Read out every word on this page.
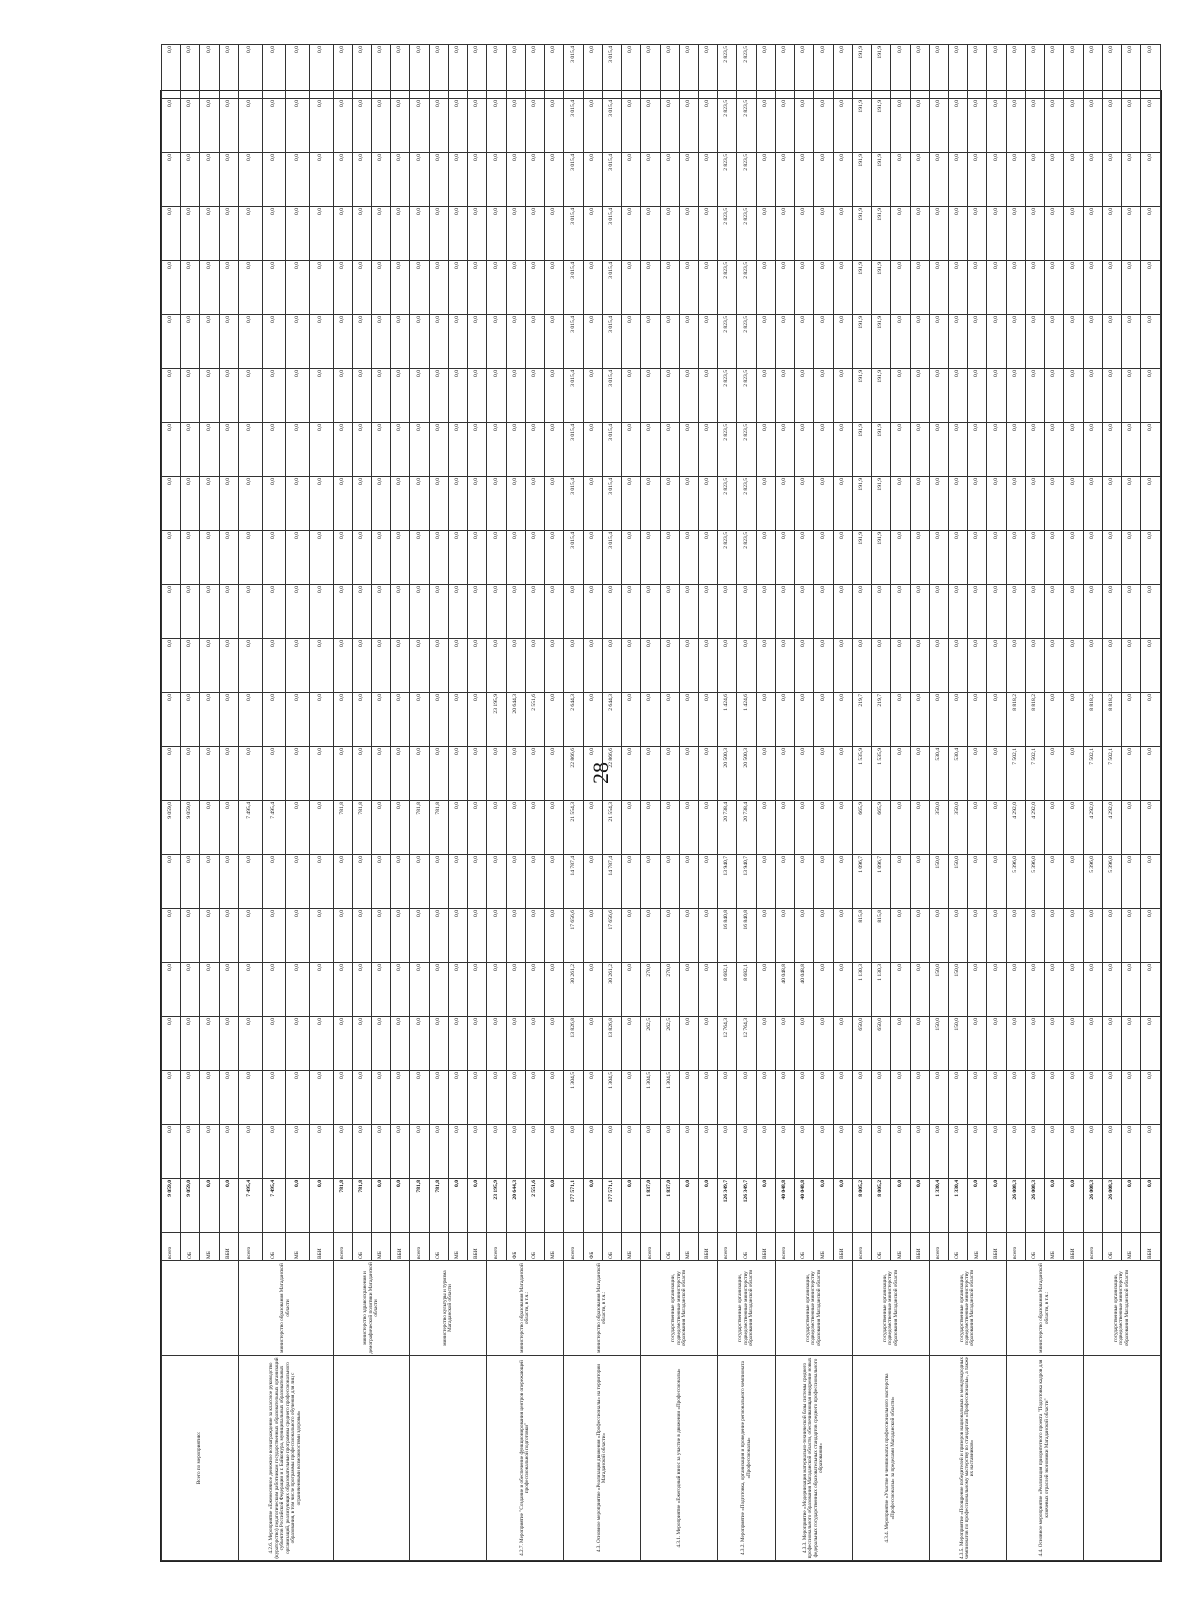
28
Всего по мероприятию:		всего	9 059,0	0,0	0,0	0,0	0,0	0,0	0,0	9 059,0	0,0	0,0	0,0	0,0	0,0	0,0	0,0	0,0	0,0	0,0	0,0	0,0	0,0	0,0
		ОБ	9 059,0	0,0	0,0	0,0	0,0	0,0	0,0	9 059,0	0,0	0,0	0,0	0,0	0,0	0,0	0,0	0,0	0,0	0,0	0,0	0,0	0,0	0,0
		МБ	0,0	0,0	0,0	0,0	0,0	0,0	0,0	0,0	0,0	0,0	0,0	0,0	0,0	0,0	0,0	0,0	0,0	0,0	0,0	0,0	0,0	0,0
		ВБИ	0,0	0,0	0,0	0,0	0,0	0,0	0,0	0,0	0,0	0,0	0,0	0,0	0,0	0,0	0,0	0,0	0,0	0,0	0,0	0,0	0,0	0,0
4.2.6. Мероприятие «Ежемесячное денежное вознаграждение за классное руководство (кураторство) педагогическим работникам государственных образовательных организаций субъектов Российской Федерации и г. Байконура, муниципальных образовательных организаций, реализующих образовательные программы среднего профессионального образования, в том числе программы профессионального обучения для лиц с ограниченными возможностями здоровья»	министерство образования Магаданской области	всего	7 495,4	0,0	0,0	0,0	0,0	0,0	0,0	7 495,4	0,0	0,0	0,0	0,0	0,0	0,0	0,0	0,0	0,0	0,0	0,0	0,0	0,0	0,0
		ОБ	7 495,4	0,0	0,0	0,0	0,0	0,0	0,0	7 495,4	0,0	0,0	0,0	0,0	0,0	0,0	0,0	0,0	0,0	0,0	0,0	0,0	0,0	0,0
		МБ	0,0	0,0	0,0	0,0	0,0	0,0	0,0	0,0	0,0	0,0	0,0	0,0	0,0	0,0	0,0	0,0	0,0	0,0	0,0	0,0	0,0	0,0
		ВБИ	0,0	0,0	0,0	0,0	0,0	0,0	0,0	0,0	0,0	0,0	0,0	0,0	0,0	0,0	0,0	0,0	0,0	0,0	0,0	0,0	0,0	0,0
	министерство здравоохранения и демографической политики Магаданской области	всего	781,8	0,0	0,0	0,0	0,0	0,0	0,0	781,8	0,0	0,0	0,0	0,0	0,0	0,0	0,0	0,0	0,0	0,0	0,0	0,0	0,0	0,0
		ОБ	781,8	0,0	0,0	0,0	0,0	0,0	0,0	781,8	0,0	0,0	0,0	0,0	0,0	0,0	0,0	0,0	0,0	0,0	0,0	0,0	0,0	0,0
		МБ	0,0	0,0	0,0	0,0	0,0	0,0	0,0	0,0	0,0	0,0	0,0	0,0	0,0	0,0	0,0	0,0	0,0	0,0	0,0	0,0	0,0	0,0
		ВБИ	0,0	0,0	0,0	0,0	0,0	0,0	0,0	0,0	0,0	0,0	0,0	0,0	0,0	0,0	0,0	0,0	0,0	0,0	0,0	0,0	0,0	0,0
	министерство культуры и туризма Магаданской области	всего	781,8	0,0	0,0	0,0	0,0	0,0	0,0	781,8	0,0	0,0	0,0	0,0	0,0	0,0	0,0	0,0	0,0	0,0	0,0	0,0	0,0	0,0
		ОБ	781,8	0,0	0,0	0,0	0,0	0,0	0,0	781,8	0,0	0,0	0,0	0,0	0,0	0,0	0,0	0,0	0,0	0,0	0,0	0,0	0,0	0,0
		МБ	0,0	0,0	0,0	0,0	0,0	0,0	0,0	0,0	0,0	0,0	0,0	0,0	0,0	0,0	0,0	0,0	0,0	0,0	0,0	0,0	0,0	0,0
		ВБИ	0,0	0,0	0,0	0,0	0,0	0,0	0,0	0,0	0,0	0,0	0,0	0,0	0,0	0,0	0,0	0,0	0,0	0,0	0,0	0,0	0,0	0,0
4.2.7. Мероприятие "Создание и обеспечение функционирования центров опережающей профессиональной подготовки"	министерство образования Магаданской области, в т.ч.:	всего	23 195,9	0,0	0,0	0,0	0,0	0,0	0,0	0,0	0,0	23 195,9	0,0	0,0	0,0	0,0	0,0	0,0	0,0	0,0	0,0	0,0	0,0	0,0
		ФБ	20 644,3	0,0	0,0	0,0	0,0	0,0	0,0	0,0	0,0	20 644,3	0,0	0,0	0,0	0,0	0,0	0,0	0,0	0,0	0,0	0,0	0,0	0,0
		ОБ	2 551,6	0,0	0,0	0,0	0,0	0,0	0,0	0,0	0,0	2 551,6	0,0	0,0	0,0	0,0	0,0	0,0	0,0	0,0	0,0	0,0	0,0	0,0
		МБ	0,0	0,0	0,0	0,0	0,0	0,0	0,0	0,0	0,0	0,0	0,0	0,0	0,0	0,0	0,0	0,0	0,0	0,0	0,0	0,0	0,0	0,0
4.3. Основное мероприятие «Реализация движения «Профессионалы» на территории Магаданской области»	министерство образования Магаданской области, в т.ч.:	всего	177 571,1	0,0	1 304,5	13 826,8	30 261,2	17 656,6	14 787,4	21 554,3	22 866,6	2 644,3	0,0	0,0	3 015,4	3 015,4	3 015,4	3 015,4	3 015,4	3 015,4	3 015,4	3 015,4	3 015,4	3 015,4
		ФБ	0,0	0,0	0,0	0,0	0,0	0,0	0,0	0,0	0,0	0,0	0,0	0,0	0,0	0,0	0,0	0,0	0,0	0,0	0,0	0,0	0,0	0,0
		ОБ	177 571,1	0,0	1 304,5	13 826,8	30 261,2	17 656,6	14 787,4	21 554,3	22 866,6	2 644,3	0,0	0,0	3 015,4	3 015,4	3 015,4	3 015,4	3 015,4	3 015,4	3 015,4	3 015,4	3 015,4	3 015,4
		МБ	0,0	0,0	0,0	0,0	0,0	0,0	0,0	0,0	0,0	0,0	0,0	0,0	0,0	0,0	0,0	0,0	0,0	0,0	0,0	0,0	0,0	0,0
4.3.1. Мероприятие «Ежегодный взнос за участие в движении «Профессионалы»	государственные организации, подведомственные министерству образования Магаданской области	всего	1 837,0	0,0	1 304,5	262,5	270,0	0,0	0,0	0,0	0,0	0,0	0,0	0,0	0,0	0,0	0,0	0,0	0,0	0,0	0,0	0,0	0,0	0,0
		ОБ	1 837,0	0,0	1 304,5	262,5	270,0	0,0	0,0	0,0	0,0	0,0	0,0	0,0	0,0	0,0	0,0	0,0	0,0	0,0	0,0	0,0	0,0	0,0
		МБ	0,0	0,0	0,0	0,0	0,0	0,0	0,0	0,0	0,0	0,0	0,0	0,0	0,0	0,0	0,0	0,0	0,0	0,0	0,0	0,0	0,0	0,0
		ВБИ	0,0	0,0	0,0	0,0	0,0	0,0	0,0	0,0	0,0	0,0	0,0	0,0	0,0	0,0	0,0	0,0	0,0	0,0	0,0	0,0	0,0	0,0
4.3.2. Мероприятие «Подготовка, организация и проведение регионального чемпионата «Профессионалы»	государственные организации, подведомственные министерству образования Магаданской области	всего	126 349,7	0,0	0,0	12 764,3	8 682,1	16 840,8	13 940,7	20 738,4	20 500,3	1 424,6	0,0	0,0	2 823,5	2 823,5	2 823,5	2 823,5	2 823,5	2 823,5	2 823,5	2 823,5	2 823,5	2 823,5
		ОБ	126 349,7	0,0	0,0	12 764,3	8 682,1	16 840,8	13 940,7	20 738,4	20 500,3	1 424,6	0,0	0,0	2 823,5	2 823,5	2 823,5	2 823,5	2 823,5	2 823,5	2 823,5	2 823,5	2 823,5	2 823,5
		ВБИ	0,0	0,0	0,0	0,0	0,0	0,0	0,0	0,0	0,0	0,0	0,0	0,0	0,0	0,0	0,0	0,0	0,0	0,0	0,0	0,0	0,0	0,0
4.3.3. Мероприятие «Модернизация материально-технической базы системы среднего профессионального образования Магаданской области, обеспечивающая внедрение новых федеральных государственных образовательных стандартов среднего профессионального образования»	государственные организации, подведомственные министерству образования Магаданской области	всего	40 048,8	0,0	0,0	0,0	40 048,8	0,0	0,0	0,0	0,0	0,0	0,0	0,0	0,0	0,0	0,0	0,0	0,0	0,0	0,0	0,0	0,0	0,0
		ОБ	40 048,8	0,0	0,0	0,0	40 048,8	0,0	0,0	0,0	0,0	0,0	0,0	0,0	0,0	0,0	0,0	0,0	0,0	0,0	0,0	0,0	0,0	0,0
		МБ	0,0	0,0	0,0	0,0	0,0	0,0	0,0	0,0	0,0	0,0	0,0	0,0	0,0	0,0	0,0	0,0	0,0	0,0	0,0	0,0	0,0	0,0
		ВБИ	0,0	0,0	0,0	0,0	0,0	0,0	0,0	0,0	0,0	0,0	0,0	0,0	0,0	0,0	0,0	0,0	0,0	0,0	0,0	0,0	0,0	0,0
4.3.4. Мероприятие «Участие в чемпионатах профессионального мастерства «Профессионалы» за пределами Магаданской области»	государственные организации, подведомственные министерству образования Магаданской области	всего	8 005,2	0,0	0,0	650,0	1 130,3	815,8	1 096,7	665,9	1 535,9	219,7	0,0	0,0	191,9	191,9	191,9	191,9	191,9	191,9	191,9	191,9	191,9	191,9
		ОБ	8 005,2	0,0	0,0	650,0	1 130,3	815,8	1 096,7	665,9	1 535,9	219,7	0,0	0,0	191,9	191,9	191,9	191,9	191,9	191,9	191,9	191,9	191,9	191,9
		МБ	0,0	0,0	0,0	0,0	0,0	0,0	0,0	0,0	0,0	0,0	0,0	0,0	0,0	0,0	0,0	0,0	0,0	0,0	0,0	0,0	0,0	0,0
		ВБИ	0,0	0,0	0,0	0,0	0,0	0,0	0,0	0,0	0,0	0,0	0,0	0,0	0,0	0,0	0,0	0,0	0,0	0,0	0,0	0,0	0,0	0,0
4.3.5. Мероприятие «Поощрение победителей и призеров национальных и международных чемпионатов по профессиональному мастерству по стандартам «Профессионалы», а также их наставников»	государственные организации, подведомственные министерству образования Магаданской области	всего	1 330,4	0,0	0,0	150,0	150,0	0,0	150,0	350,0	530,4	0,0	0,0	0,0	0,0	0,0	0,0	0,0	0,0	0,0	0,0	0,0	0,0	0,0
		ОБ	1 330,4	0,0	0,0	150,0	150,0	0,0	150,0	350,0	530,4	0,0	0,0	0,0	0,0	0,0	0,0	0,0	0,0	0,0	0,0	0,0	0,0	0,0
		МБ	0,0	0,0	0,0	0,0	0,0	0,0	0,0	0,0	0,0	0,0	0,0	0,0	0,0	0,0	0,0	0,0	0,0	0,0	0,0	0,0	0,0	0,0
		ВБИ	0,0	0,0	0,0	0,0	0,0	0,0	0,0	0,0	0,0	0,0	0,0	0,0	0,0	0,0	0,0	0,0	0,0	0,0	0,0	0,0	0,0	0,0
4.4. Основное мероприятие «Реализация приоритетного проекта "Подготовка кадров для ключевых отраслей экономики Магаданской области"	министерство образования Магаданской области, в т.ч.:	всего	26 008,3	0,0	0,0	0,0	0,0	0,0	5 396,0	4 292,0	7 502,1	8 818,2	0,0	0,0	0,0	0,0	0,0	0,0	0,0	0,0	0,0	0,0	0,0	0,0
		ОБ	26 008,3	0,0	0,0	0,0	0,0	0,0	5 396,0	4 292,0	7 502,1	8 818,2	0,0	0,0	0,0	0,0	0,0	0,0	0,0	0,0	0,0	0,0	0,0	0,0
		МБ	0,0	0,0	0,0	0,0	0,0	0,0	0,0	0,0	0,0	0,0	0,0	0,0	0,0	0,0	0,0	0,0	0,0	0,0	0,0	0,0	0,0	0,0
		ВБИ	0,0	0,0	0,0	0,0	0,0	0,0	0,0	0,0	0,0	0,0	0,0	0,0	0,0	0,0	0,0	0,0	0,0	0,0	0,0	0,0	0,0	0,0
	государственные организации, подведомственные министерству образования Магаданской области	всего	26 008,3	0,0	0,0	0,0	0,0	0,0	5 396,0	4 292,0	7 502,1	8 818,2	0,0	0,0	0,0	0,0	0,0	0,0	0,0	0,0	0,0	0,0	0,0	0,0
		ОБ	26 008,3	0,0	0,0	0,0	0,0	0,0	5 396,0	4 292,0	7 502,1	8 818,2	0,0	0,0	0,0	0,0	0,0	0,0	0,0	0,0	0,0	0,0	0,0	0,0
		МБ	0,0	0,0	0,0	0,0	0,0	0,0	0,0	0,0	0,0	0,0	0,0	0,0	0,0	0,0	0,0	0,0	0,0	0,0	0,0	0,0	0,0	0,0
		ВБИ	0,0	0,0	0,0	0,0	0,0	0,0	0,0	0,0	0,0	0,0	0,0	0,0	0,0	0,0	0,0	0,0	0,0	0,0	0,0	0,0	0,0	0,0
